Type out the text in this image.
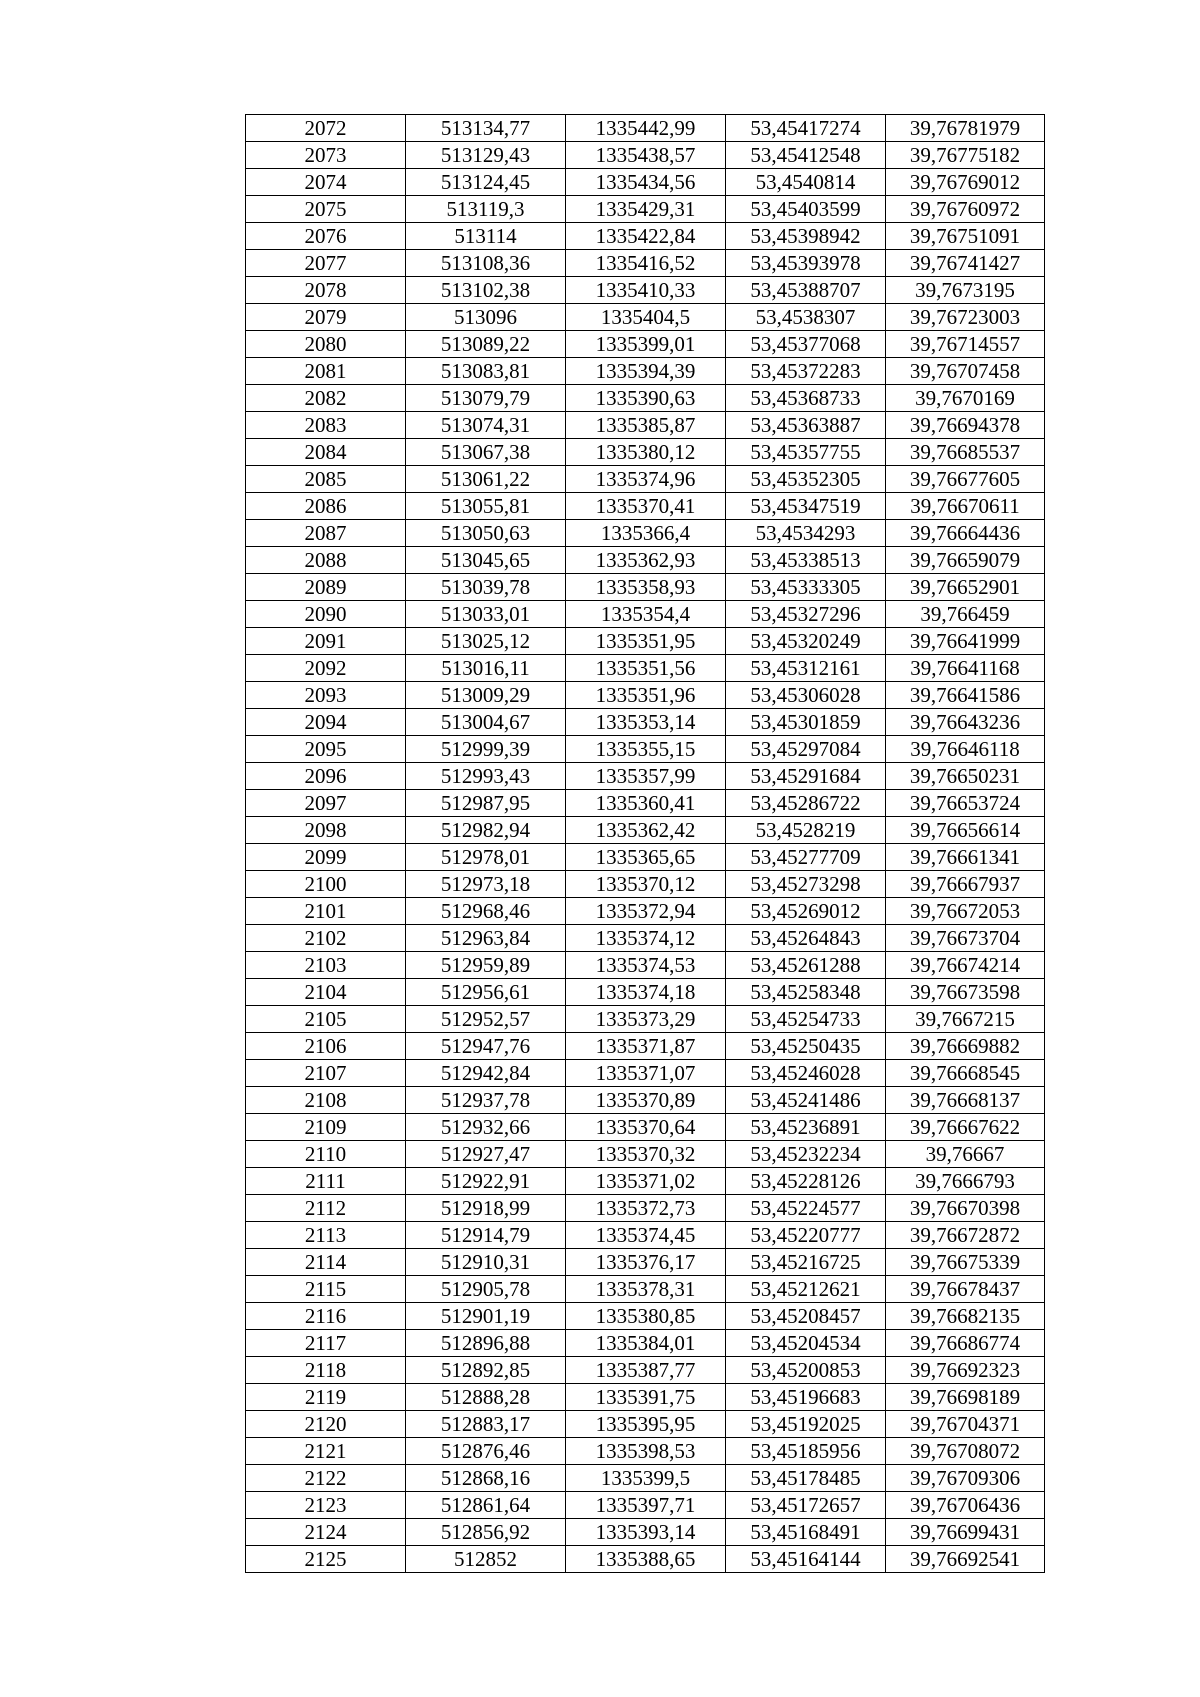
2072	513134,77	1335442,99	53,45417274	39,76781979
2073	513129,43	1335438,57	53,45412548	39,76775182
2074	513124,45	1335434,56	53,4540814	39,76769012
2075	513119,3	1335429,31	53,45403599	39,76760972
2076	513114	1335422,84	53,45398942	39,76751091
2077	513108,36	1335416,52	53,45393978	39,76741427
2078	513102,38	1335410,33	53,45388707	39,7673195
2079	513096	1335404,5	53,4538307	39,76723003
2080	513089,22	1335399,01	53,45377068	39,76714557
2081	513083,81	1335394,39	53,45372283	39,76707458
2082	513079,79	1335390,63	53,45368733	39,7670169
2083	513074,31	1335385,87	53,45363887	39,76694378
2084	513067,38	1335380,12	53,45357755	39,76685537
2085	513061,22	1335374,96	53,45352305	39,76677605
2086	513055,81	1335370,41	53,45347519	39,76670611
2087	513050,63	1335366,4	53,4534293	39,76664436
2088	513045,65	1335362,93	53,45338513	39,76659079
2089	513039,78	1335358,93	53,45333305	39,76652901
2090	513033,01	1335354,4	53,45327296	39,766459
2091	513025,12	1335351,95	53,45320249	39,76641999
2092	513016,11	1335351,56	53,45312161	39,76641168
2093	513009,29	1335351,96	53,45306028	39,76641586
2094	513004,67	1335353,14	53,45301859	39,76643236
2095	512999,39	1335355,15	53,45297084	39,76646118
2096	512993,43	1335357,99	53,45291684	39,76650231
2097	512987,95	1335360,41	53,45286722	39,76653724
2098	512982,94	1335362,42	53,4528219	39,76656614
2099	512978,01	1335365,65	53,45277709	39,76661341
2100	512973,18	1335370,12	53,45273298	39,76667937
2101	512968,46	1335372,94	53,45269012	39,76672053
2102	512963,84	1335374,12	53,45264843	39,76673704
2103	512959,89	1335374,53	53,45261288	39,76674214
2104	512956,61	1335374,18	53,45258348	39,76673598
2105	512952,57	1335373,29	53,45254733	39,7667215
2106	512947,76	1335371,87	53,45250435	39,76669882
2107	512942,84	1335371,07	53,45246028	39,76668545
2108	512937,78	1335370,89	53,45241486	39,76668137
2109	512932,66	1335370,64	53,45236891	39,76667622
2110	512927,47	1335370,32	53,45232234	39,76667
2111	512922,91	1335371,02	53,45228126	39,7666793
2112	512918,99	1335372,73	53,45224577	39,76670398
2113	512914,79	1335374,45	53,45220777	39,76672872
2114	512910,31	1335376,17	53,45216725	39,76675339
2115	512905,78	1335378,31	53,45212621	39,76678437
2116	512901,19	1335380,85	53,45208457	39,76682135
2117	512896,88	1335384,01	53,45204534	39,76686774
2118	512892,85	1335387,77	53,45200853	39,76692323
2119	512888,28	1335391,75	53,45196683	39,76698189
2120	512883,17	1335395,95	53,45192025	39,76704371
2121	512876,46	1335398,53	53,45185956	39,76708072
2122	512868,16	1335399,5	53,45178485	39,76709306
2123	512861,64	1335397,71	53,45172657	39,76706436
2124	512856,92	1335393,14	53,45168491	39,76699431
2125	512852	1335388,65	53,45164144	39,76692541
